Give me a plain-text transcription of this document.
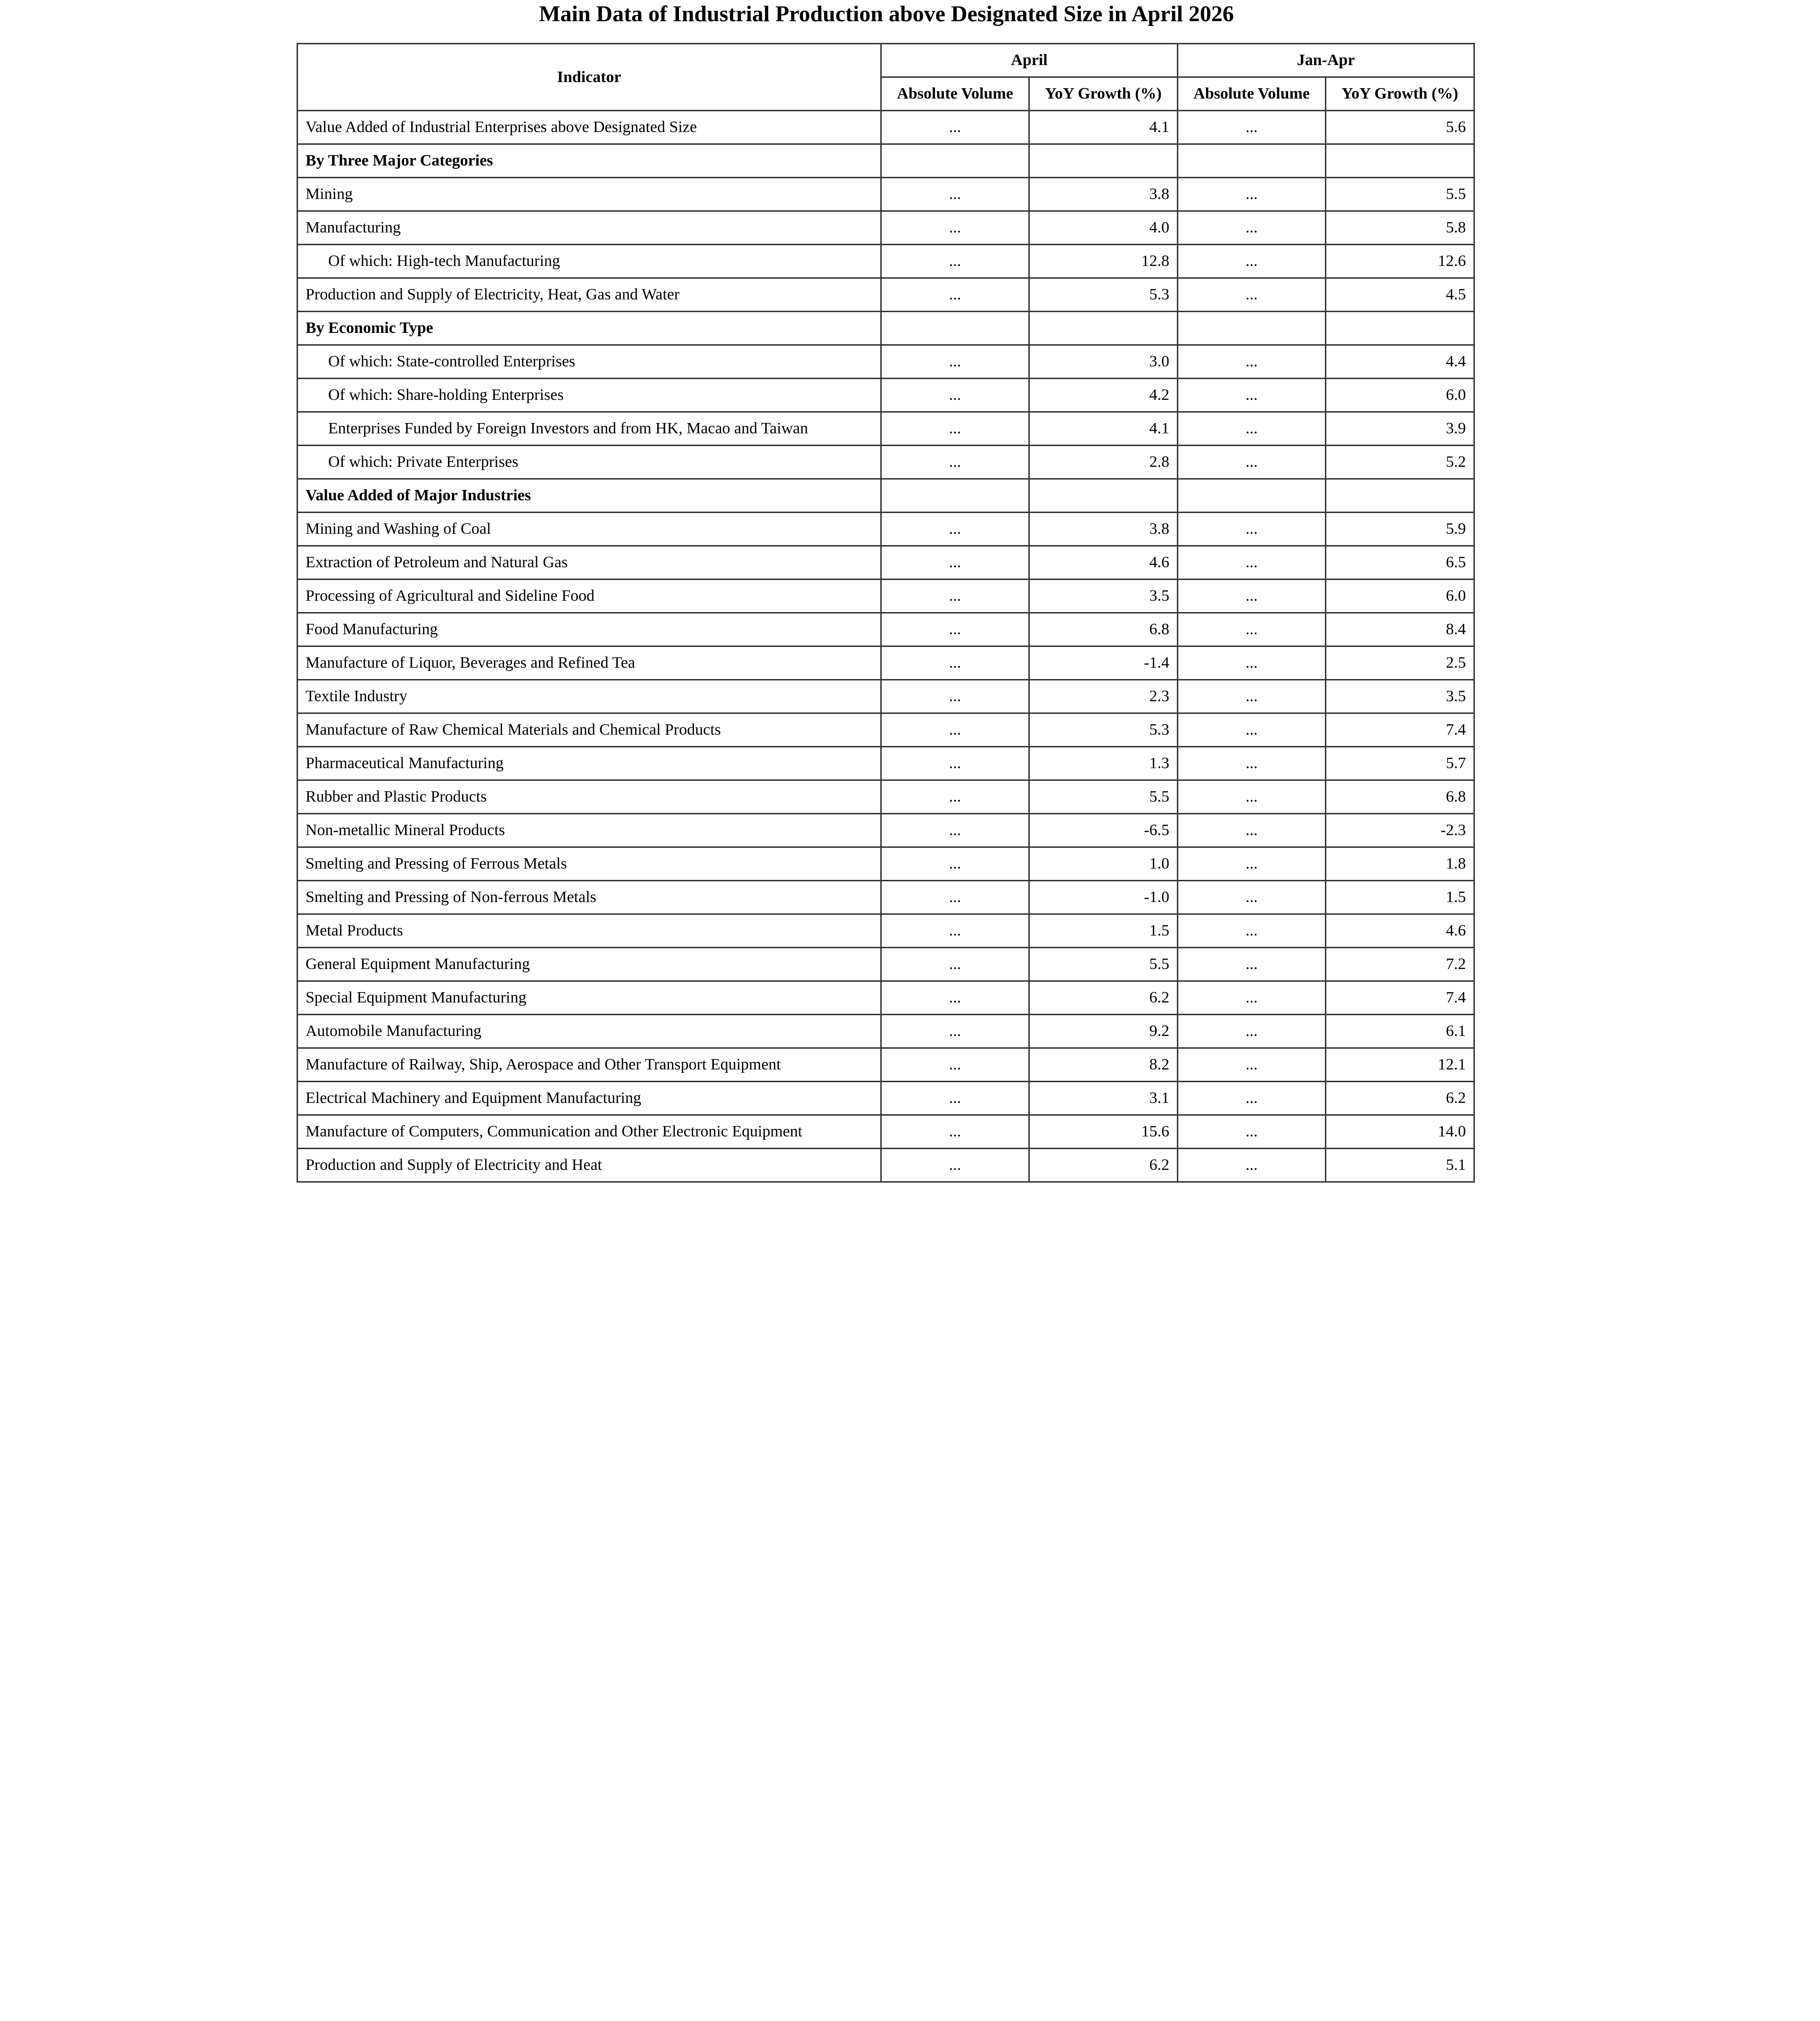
Main Data of Industrial Production above Designated Size in April 2026
Indicator	April		Jan-Apr	
	Absolute Volume	YoY Growth (%)	Absolute Volume	YoY Growth (%)
Value Added of Industrial Enterprises above Designated Size	...	4.1	...	5.6
By Three Major Categories				
Mining	...	3.8	...	5.5
Manufacturing	...	4.0	...	5.8
Of which: High-tech Manufacturing	...	12.8	...	12.6
Production and Supply of Electricity, Heat, Gas and Water	...	5.3	...	4.5
By Economic Type				
Of which: State-controlled Enterprises	...	3.0	...	4.4
Of which: Share-holding Enterprises	...	4.2	...	6.0
Enterprises Funded by Foreign Investors and from HK, Macao and Taiwan	...	4.1	...	3.9
Of which: Private Enterprises	...	2.8	...	5.2
Value Added of Major Industries				
Mining and Washing of Coal	...	3.8	...	5.9
Extraction of Petroleum and Natural Gas	...	4.6	...	6.5
Processing of Agricultural and Sideline Food	...	3.5	...	6.0
Food Manufacturing	...	6.8	...	8.4
Manufacture of Liquor, Beverages and Refined Tea	...	-1.4	...	2.5
Textile Industry	...	2.3	...	3.5
Manufacture of Raw Chemical Materials and Chemical Products	...	5.3	...	7.4
Pharmaceutical Manufacturing	...	1.3	...	5.7
Rubber and Plastic Products	...	5.5	...	6.8
Non-metallic Mineral Products	...	-6.5	...	-2.3
Smelting and Pressing of Ferrous Metals	...	1.0	...	1.8
Smelting and Pressing of Non-ferrous Metals	...	-1.0	...	1.5
Metal Products	...	1.5	...	4.6
General Equipment Manufacturing	...	5.5	...	7.2
Special Equipment Manufacturing	...	6.2	...	7.4
Automobile Manufacturing	...	9.2	...	6.1
Manufacture of Railway, Ship, Aerospace and Other Transport Equipment	...	8.2	...	12.1
Electrical Machinery and Equipment Manufacturing	...	3.1	...	6.2
Manufacture of Computers, Communication and Other Electronic Equipment	...	15.6	...	14.0
Production and Supply of Electricity and Heat	...	6.2	...	5.1
